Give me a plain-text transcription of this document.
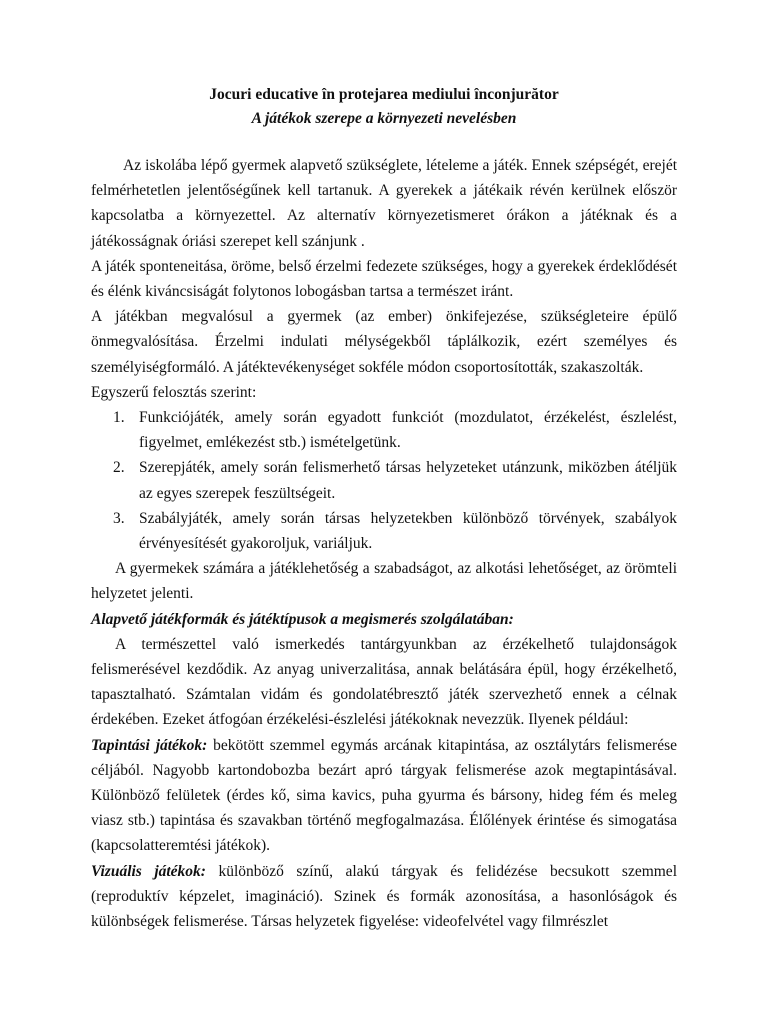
Jocuri educative în protejarea mediului înconjurător
A játékok szerepe a környezeti nevelésben

Az iskolába lépő gyermek alapvető szükséglete, lételeme a játék. Ennek szépségét, erejét felmérhetetlen jelentőségűnek kell tartanuk. A gyerekek a játékaik révén kerülnek először kapcsolatba a környezettel. Az alternatív környezetismeret órákon a játéknak és a játékosságnak óriási szerepet kell szánjunk .

A játék sponteneitása, öröme, belső érzelmi fedezete szükséges, hogy a gyerekek érdeklődését és élénk kiváncsiságát folytonos lobogásban tartsa a természet iránt.

A játékban megvalósul a gyermek (az ember) önkifejezése, szükségleteire épülő önmegvalósítása. Érzelmi indulati mélységekből táplálkozik, ezért személyes és személyiségformáló. A játéktevékenységet sokféle módon csoportosították, szakaszolták.

Egyszerű felosztás szerint:

1. Funkciójáték, amely során egyadott funkciót (mozdulatot, érzékelést, észlelést, figyelmet, emlékezést stb.) ismételgetünk.
2. Szerepjáték, amely során felismerhető társas helyzeteket utánzunk, miközben átéljük az egyes szerepek feszültségeit.
3. Szabályjáték, amely során társas helyzetekben különböző törvények, szabályok érvényesítését gyakoroljuk, variáljuk.

A gyermekek számára a játéklehetőség a szabadságot, az alkotási lehetőséget, az örömteli helyzetet jelenti.

Alapvető játékformák és játéktípusok a megismerés szolgálatában:

A természettel való ismerkedés tantárgyunkban az érzékelhető tulajdonságok felismerésével kezdődik. Az anyag univerzalitása, annak belátására épül, hogy érzékelhető, tapasztalható. Számtalan vidám és gondolatébresztő játék szervezhető ennek a célnak érdekében. Ezeket átfogóan érzékelési-észlelési játékoknak nevezzük. Ilyenek például:

Tapintási játékok: bekötött szemmel egymás arcának kitapintása, az osztálytárs felismerése céljából. Nagyobb kartondobozba bezárt apró tárgyak felismerése azok megtapintásával. Különböző felületek (érdes kő, sima kavics, puha gyurma és bársony, hideg fém és meleg viasz stb.) tapintása és szavakban történő megfogalmazása. Élőlények érintése és simogatása (kapcsolatteremtési játékok).

Vizuális játékok: különböző színű, alakú tárgyak és felidézése becsukott szemmel (reproduktív képzelet, imagináció). Szinek és formák azonosítása, a hasonlóságok és különbségek felismerése. Társas helyzetek figyelése: videofelvétel vagy filmrészlet
